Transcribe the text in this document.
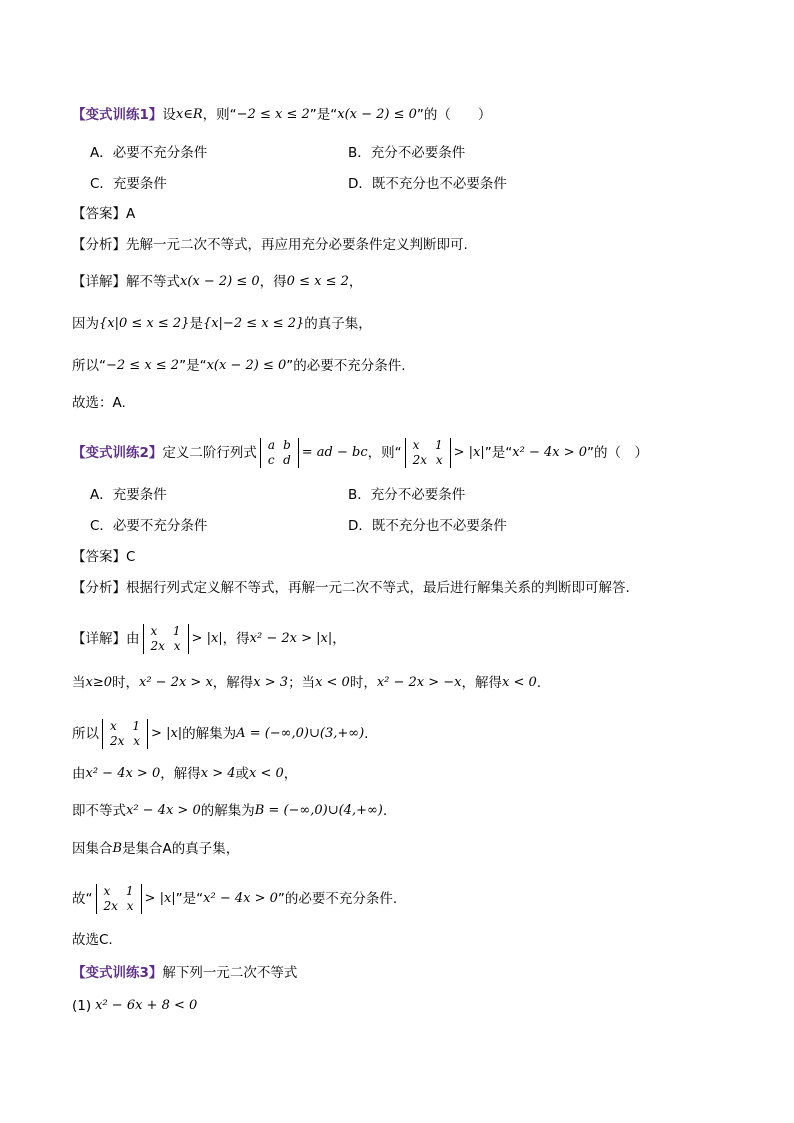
【变式训练1】 设 x∈R ，则“ −2 ≤ x ≤ 2 ”是“ x(x − 2) ≤ 0 ”的（　　）
A．必要不充分条件	B．充分不必要条件
C．充要条件	D．既不充分也不必要条件
【答案】A
【分析】 先解一元二次不等式，再应用充分必要条件定义判断即可.
【详解】 解不等式 x(x − 2) ≤ 0 ，得 0 ≤ x ≤ 2 ，
因为 {x|0 ≤ x ≤ 2} 是 {x|−2 ≤ x ≤ 2} 的真子集，
所以“ −2 ≤ x ≤ 2 ”是“ x(x − 2) ≤ 0 ”的必要不充分条件.
故选：A.
【变式训练2】 定义二阶行列式 a	b
c	d = ad − bc ，则“ x	1
2x	x > |x| ”是“ x² − 4x > 0 ”的（　）
A．充要条件	B．充分不必要条件
C．必要不充分条件	D．既不充分也不必要条件
【答案】C
【分析】 根据行列式定义解不等式，再解一元二次不等式，最后进行解集关系的判断即可解答.
【详解】 由 x	1
2x	x > |x| ，得 x² − 2x > |x| ，
当 x≥0 时， x² − 2x > x ，解得 x > 3 ；当 x < 0 时， x² − 2x > −x ，解得 x < 0 .
所以 x	1
2x	x > |x| 的解集为 A = (−∞,0)∪(3,+∞) .
由 x² − 4x > 0 ，解得 x > 4 或 x < 0 ，
即不等式 x² − 4x > 0 的解集为 B = (−∞,0)∪(4,+∞) .
因集合 B 是集合A的真子集，
故“ x	1
2x	x > |x| ”是“ x² − 4x > 0 ”的必要不充分条件.
故选C.
【变式训练3】 解下列一元二次不等式
(1) x² − 6x + 8 < 0
